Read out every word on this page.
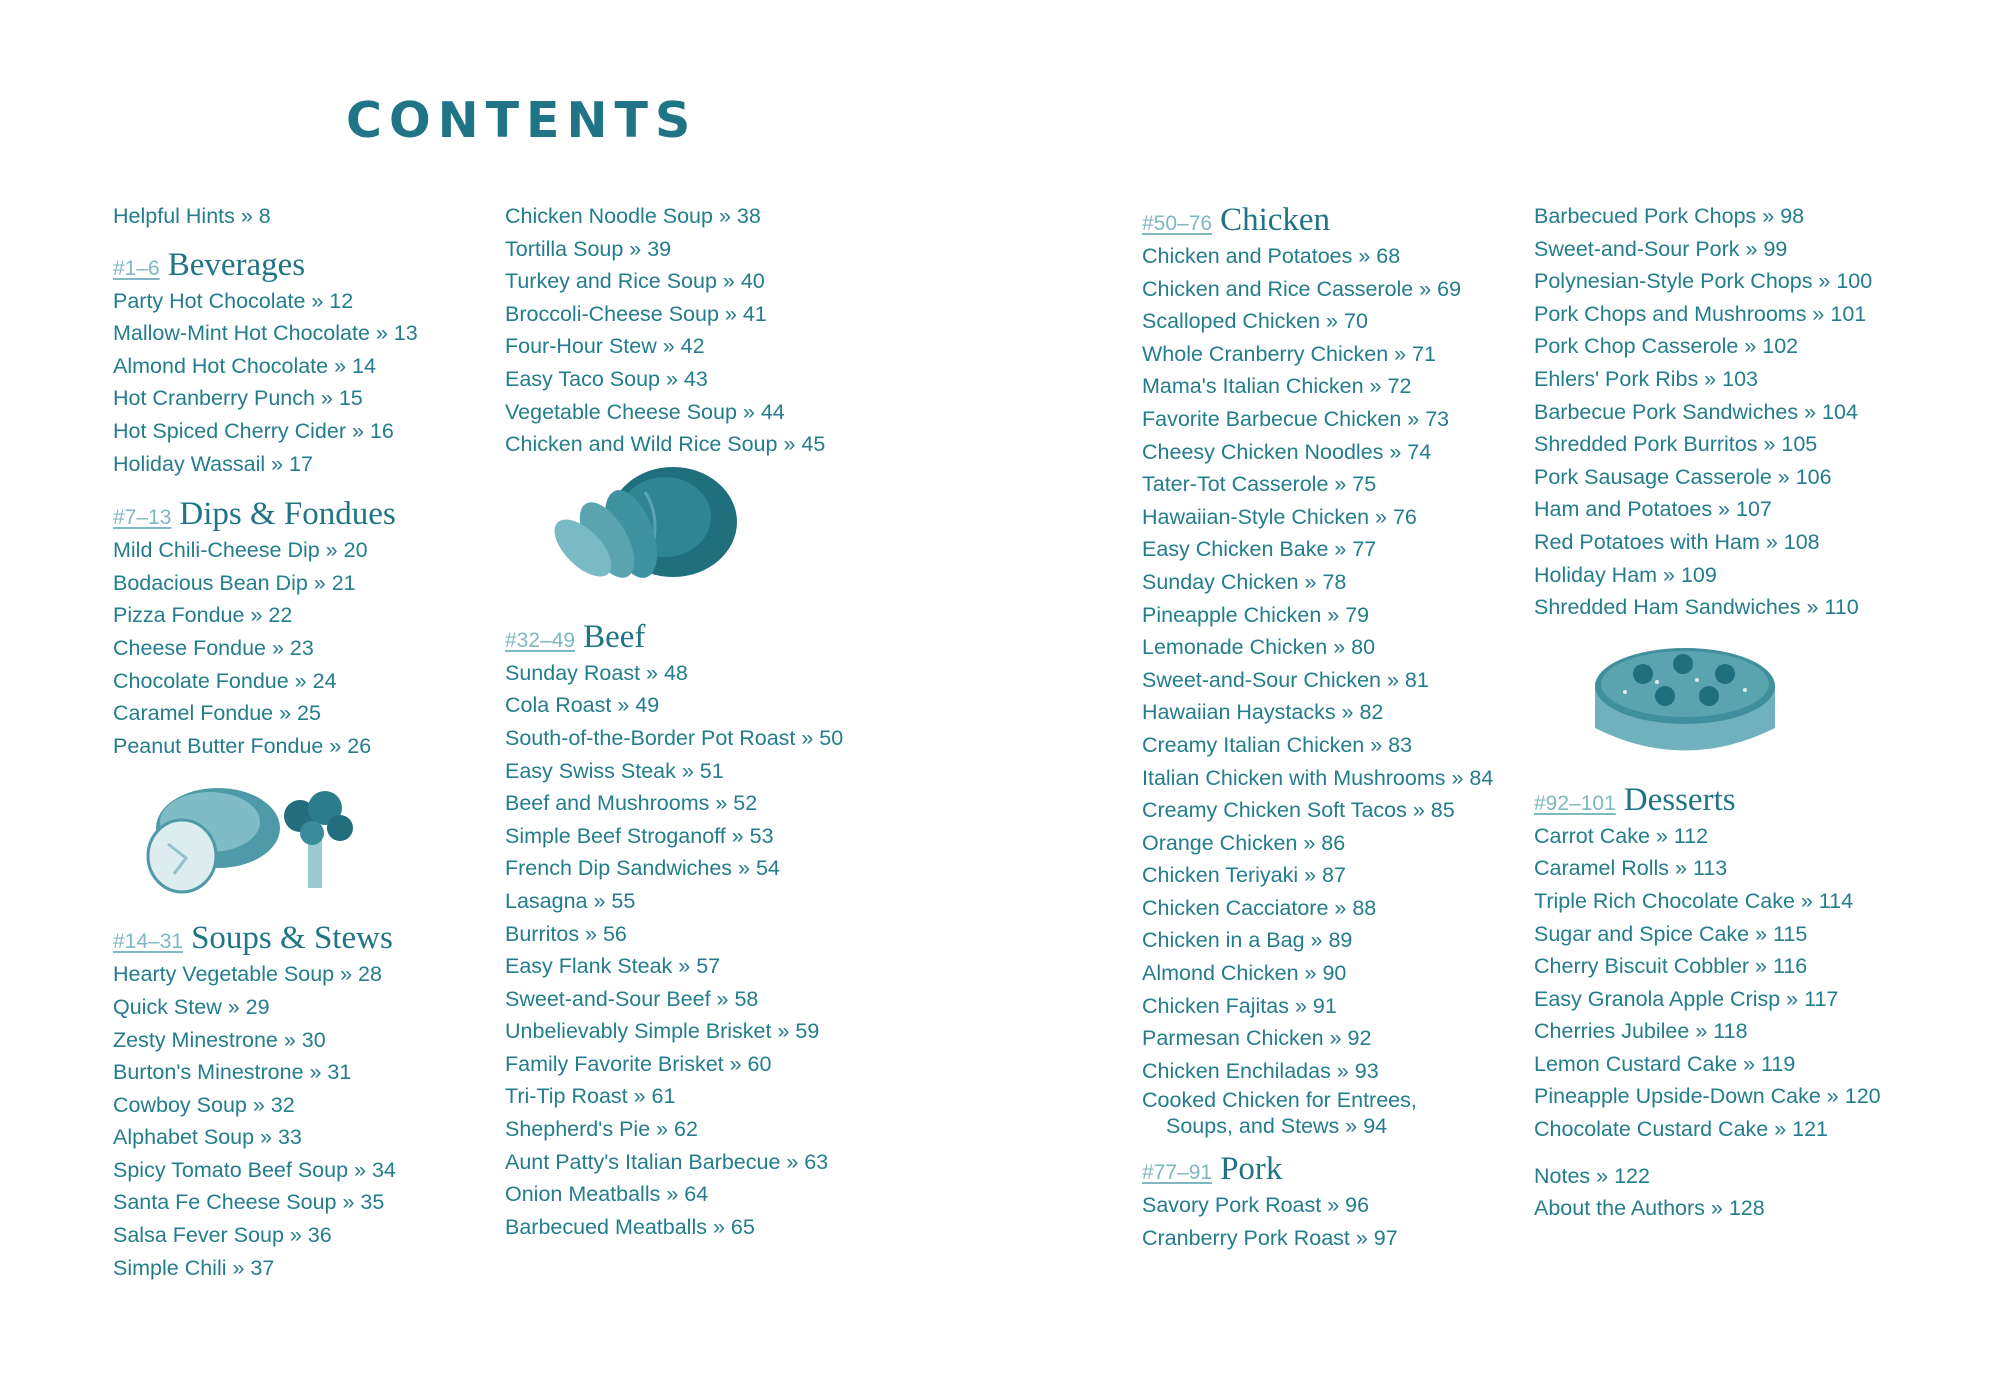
CONTENTS
Helpful Hints » 8
#1–6 Beverages
Party Hot Chocolate » 12
Mallow-Mint Hot Chocolate » 13
Almond Hot Chocolate » 14
Hot Cranberry Punch » 15
Hot Spiced Cherry Cider » 16
Holiday Wassail » 17
#7–13 Dips & Fondues
Mild Chili-Cheese Dip » 20
Bodacious Bean Dip » 21
Pizza Fondue » 22
Cheese Fondue » 23
Chocolate Fondue » 24
Caramel Fondue » 25
Peanut Butter Fondue » 26
#14–31 Soups & Stews
Hearty Vegetable Soup » 28
Quick Stew » 29
Zesty Minestrone » 30
Burton's Minestrone » 31
Cowboy Soup » 32
Alphabet Soup » 33
Spicy Tomato Beef Soup » 34
Santa Fe Cheese Soup » 35
Salsa Fever Soup » 36
Simple Chili » 37
Chicken Noodle Soup » 38
Tortilla Soup » 39
Turkey and Rice Soup » 40
Broccoli-Cheese Soup » 41
Four-Hour Stew » 42
Easy Taco Soup » 43
Vegetable Cheese Soup » 44
Chicken and Wild Rice Soup » 45
#32–49 Beef
Sunday Roast » 48
Cola Roast » 49
South-of-the-Border Pot Roast » 50
Easy Swiss Steak » 51
Beef and Mushrooms » 52
Simple Beef Stroganoff » 53
French Dip Sandwiches » 54
Lasagna » 55
Burritos » 56
Easy Flank Steak » 57
Sweet-and-Sour Beef » 58
Unbelievably Simple Brisket » 59
Family Favorite Brisket » 60
Tri-Tip Roast » 61
Shepherd's Pie » 62
Aunt Patty's Italian Barbecue » 63
Onion Meatballs » 64
Barbecued Meatballs » 65
#50–76 Chicken
Chicken and Potatoes » 68
Chicken and Rice Casserole » 69
Scalloped Chicken » 70
Whole Cranberry Chicken » 71
Mama's Italian Chicken » 72
Favorite Barbecue Chicken » 73
Cheesy Chicken Noodles » 74
Tater-Tot Casserole » 75
Hawaiian-Style Chicken » 76
Easy Chicken Bake » 77
Sunday Chicken » 78
Pineapple Chicken » 79
Lemonade Chicken » 80
Sweet-and-Sour Chicken » 81
Hawaiian Haystacks » 82
Creamy Italian Chicken » 83
Italian Chicken with Mushrooms » 84
Creamy Chicken Soft Tacos » 85
Orange Chicken » 86
Chicken Teriyaki » 87
Chicken Cacciatore » 88
Chicken in a Bag » 89
Almond Chicken » 90
Chicken Fajitas » 91
Parmesan Chicken » 92
Chicken Enchiladas » 93
Cooked Chicken for Entrees,
Soups, and Stews » 94
#77–91 Pork
Savory Pork Roast » 96
Cranberry Pork Roast » 97
Barbecued Pork Chops » 98
Sweet-and-Sour Pork » 99
Polynesian-Style Pork Chops » 100
Pork Chops and Mushrooms » 101
Pork Chop Casserole » 102
Ehlers' Pork Ribs » 103
Barbecue Pork Sandwiches » 104
Shredded Pork Burritos » 105
Pork Sausage Casserole » 106
Ham and Potatoes » 107
Red Potatoes with Ham » 108
Holiday Ham » 109
Shredded Ham Sandwiches » 110
#92–101 Desserts
Carrot Cake » 112
Caramel Rolls » 113
Triple Rich Chocolate Cake » 114
Sugar and Spice Cake » 115
Cherry Biscuit Cobbler » 116
Easy Granola Apple Crisp » 117
Cherries Jubilee » 118
Lemon Custard Cake » 119
Pineapple Upside-Down Cake » 120
Chocolate Custard Cake » 121
Notes » 122
About the Authors » 128
